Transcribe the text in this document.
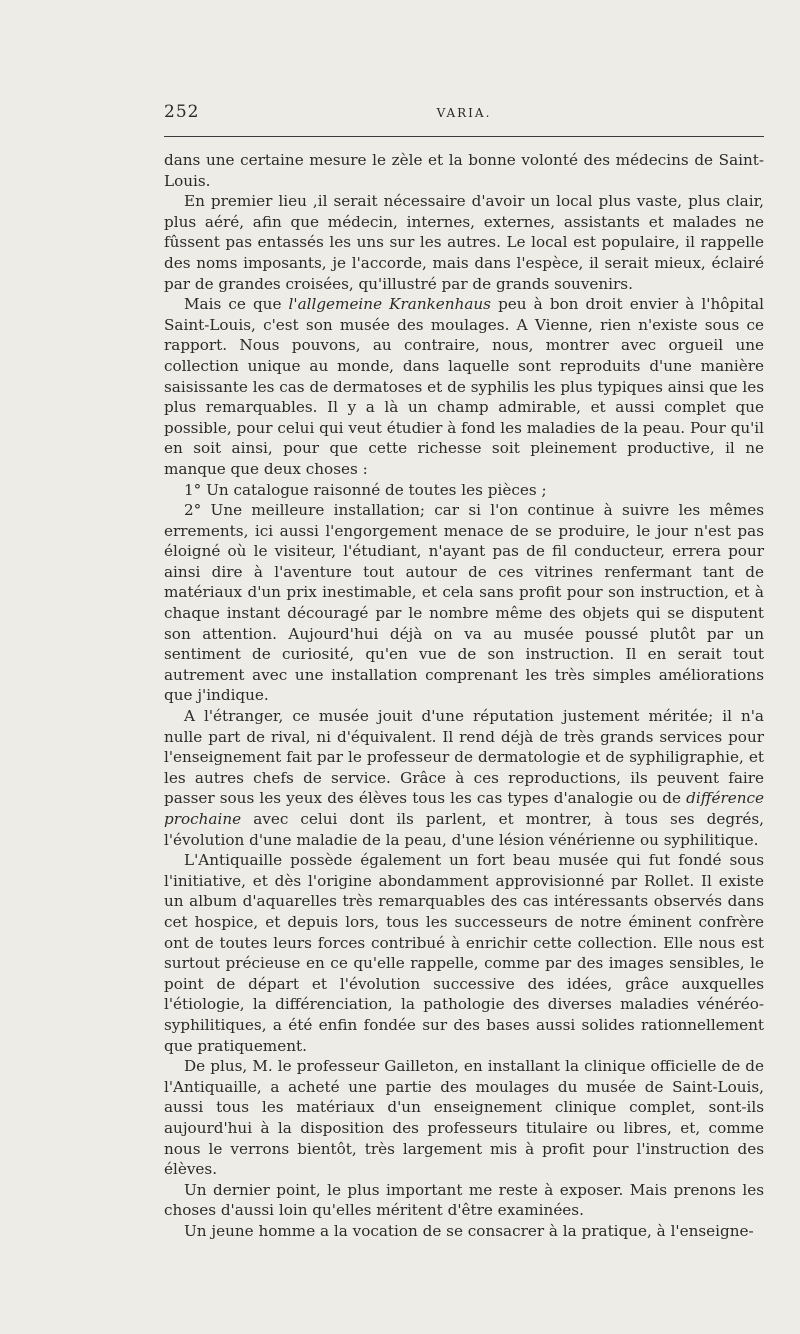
252	VARIA.

dans une certaine mesure le zèle et la bonne volonté des médecins de Saint-Louis.

En premier lieu ,il serait nécessaire d'avoir un local plus vaste, plus clair, plus aéré, afin que médecin, internes, externes, assistants et malades ne fûssent pas entassés les uns sur les autres. Le local est populaire, il rappelle des noms imposants, je l'accorde, mais dans l'espèce, il serait mieux, éclairé par de grandes croisées, qu'illustré par de grands souvenirs.

Mais ce que l'allgemeine Krankenhaus peu à bon droit envier à l'hôpital Saint-Louis, c'est son musée des moulages. A Vienne, rien n'existe sous ce rapport. Nous pouvons, au contraire, nous, montrer avec orgueil une collection unique au monde, dans laquelle sont reproduits d'une manière saisissante les cas de dermatoses et de syphilis les plus typiques ainsi que les plus remarquables. Il y a là un champ admirable, et aussi complet que possible, pour celui qui veut étudier à fond les maladies de la peau. Pour qu'il en soit ainsi, pour que cette richesse soit pleinement productive, il ne manque que deux choses :

1° Un catalogue raisonné de toutes les pièces ;

2° Une meilleure installation; car si l'on continue à suivre les mêmes errements, ici aussi l'engorgement menace de se produire, le jour n'est pas éloigné où le visiteur, l'étudiant, n'ayant pas de fil conducteur, errera pour ainsi dire à l'aventure tout autour de ces vitrines renfermant tant de matériaux d'un prix inestimable, et cela sans profit pour son instruction, et à chaque instant découragé par le nombre même des objets qui se disputent son attention. Aujourd'hui déjà on va au musée poussé plutôt par un sentiment de curiosité, qu'en vue de son instruction. Il en serait tout autrement avec une installation comprenant les très simples améliorations que j'indique.

A l'étranger, ce musée jouit d'une réputation justement méritée; il n'a nulle part de rival, ni d'équivalent. Il rend déjà de très grands services pour l'enseignement fait par le professeur de dermatologie et de syphiligraphie, et les autres chefs de service. Grâce à ces reproductions, ils peuvent faire passer sous les yeux des élèves tous les cas types d'analogie ou de différence prochaine avec celui dont ils parlent, et montrer, à tous ses degrés, l'évolution d'une maladie de la peau, d'une lésion vénérienne ou syphilitique.

L'Antiquaille possède également un fort beau musée qui fut fondé sous l'initiative, et dès l'origine abondamment approvisionné par Rollet. Il existe un album d'aquarelles très remarquables des cas intéressants observés dans cet hospice, et depuis lors, tous les successeurs de notre éminent confrère ont de toutes leurs forces contribué à enrichir cette collection. Elle nous est surtout précieuse en ce qu'elle rappelle, comme par des images sensibles, le point de départ et l'évolution successive des idées, grâce auxquelles l'étiologie, la différenciation, la pathologie des diverses maladies vénéréo-syphilitiques, a été enfin fondée sur des bases aussi solides rationnellement que pratiquement.

De plus, M. le professeur Gailleton, en installant la clinique officielle de de l'Antiquaille, a acheté une partie des moulages du musée de Saint-Louis, aussi tous les matériaux d'un enseignement clinique complet, sont-ils aujourd'hui à la disposition des professeurs titulaire ou libres, et, comme nous le verrons bientôt, très largement mis à profit pour l'instruction des élèves.

Un dernier point, le plus important me reste à exposer. Mais prenons les choses d'aussi loin qu'elles méritent d'être examinées.

Un jeune homme a la vocation de se consacrer à la pratique, à l'enseigne-
